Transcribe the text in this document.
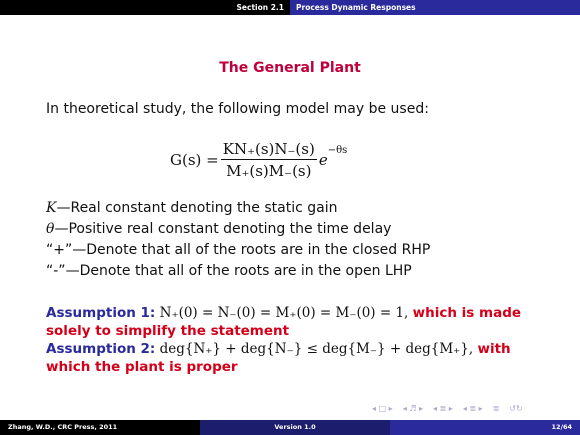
Section 2.1	Process Dynamic Responses
The General Plant
In theoretical study, the following model may be used:
$G(s) = \frac{KN_+(s)N_-(s)}{M_+(s)M_-(s)} e^{-\theta s}$
K—Real constant denoting the static gain
θ—Positive real constant denoting the time delay
“+”—Denote that all of the roots are in the closed RHP
“-”—Denote that all of the roots are in the open LHP
Assumption 1: N₊(0) = N₋(0) = M₊(0) = M₋(0) = 1, which is made solely to simplify the statement
Assumption 2: deg{N₊} + deg{N₋} ≤ deg{M₋} + deg{M₊}, with which the plant is proper
◂ □ ▸ ◂ ♬ ▸ ◂ ≣ ▸ ◂ ≣ ▸ ≣ ↺↻
Zhang, W.D., CRC Press, 2011	Version 1.0	12/64
